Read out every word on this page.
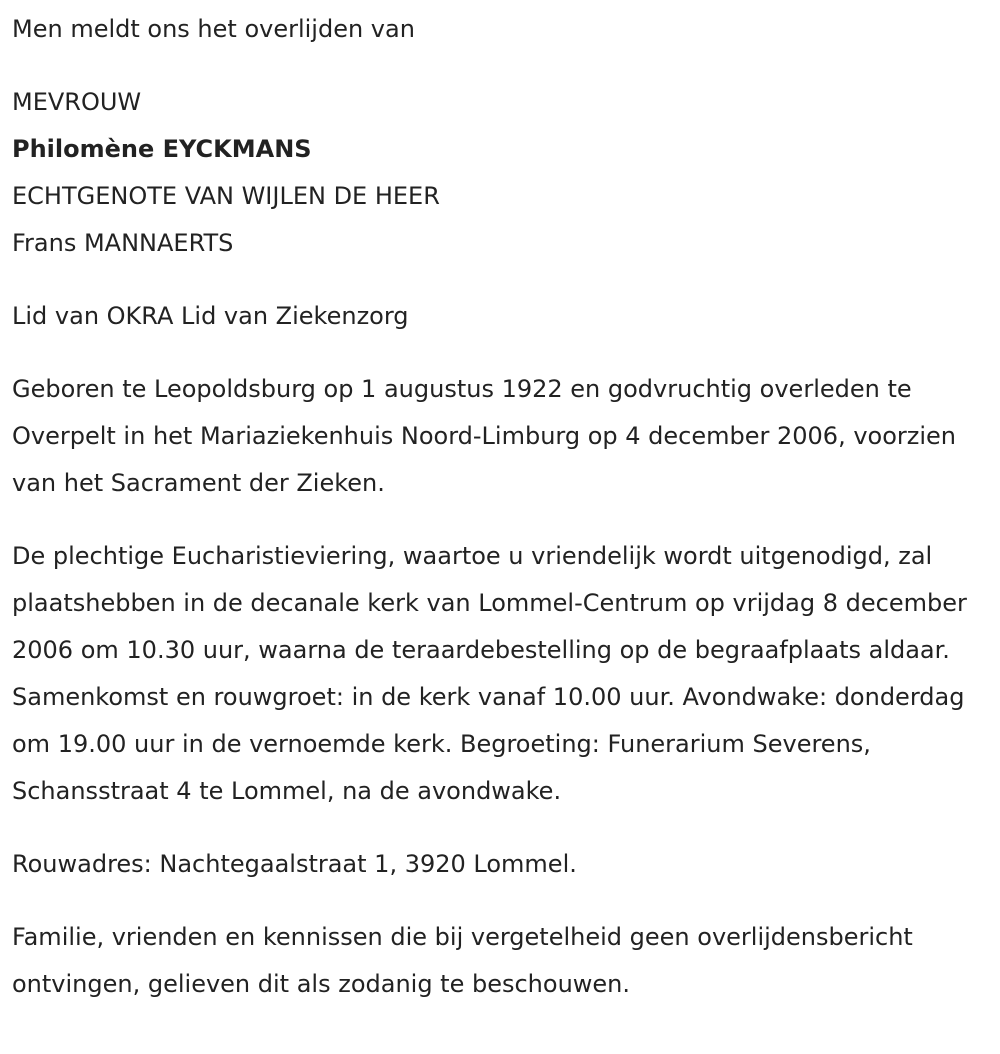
Men meldt ons het overlijden van

MEVROUW

Philomène EYCKMANS

ECHTGENOTE VAN WIJLEN DE HEER

Frans MANNAERTS

Lid van OKRA Lid van Ziekenzorg

Geboren te Leopoldsburg op 1 augustus 1922 en godvruchtig overleden te Overpelt in het Mariaziekenhuis Noord-Limburg op 4 december 2006, voorzien van het Sacrament der Zieken.

De plechtige Eucharistieviering, waartoe u vriendelijk wordt uitgenodigd, zal plaatshebben in de decanale kerk van Lommel-Centrum op vrijdag 8 december 2006 om 10.30 uur, waarna de teraardebestelling op de begraafplaats aldaar. Samenkomst en rouwgroet: in de kerk vanaf 10.00 uur. Avondwake: donderdag om 19.00 uur in de vernoemde kerk. Begroeting: Funerarium Severens, Schansstraat 4 te Lommel, na de avondwake.

Rouwadres: Nachtegaalstraat 1, 3920 Lommel.

Familie, vrienden en kennissen die bij vergetelheid geen overlijdensbericht ontvingen, gelieven dit als zodanig te beschouwen.
